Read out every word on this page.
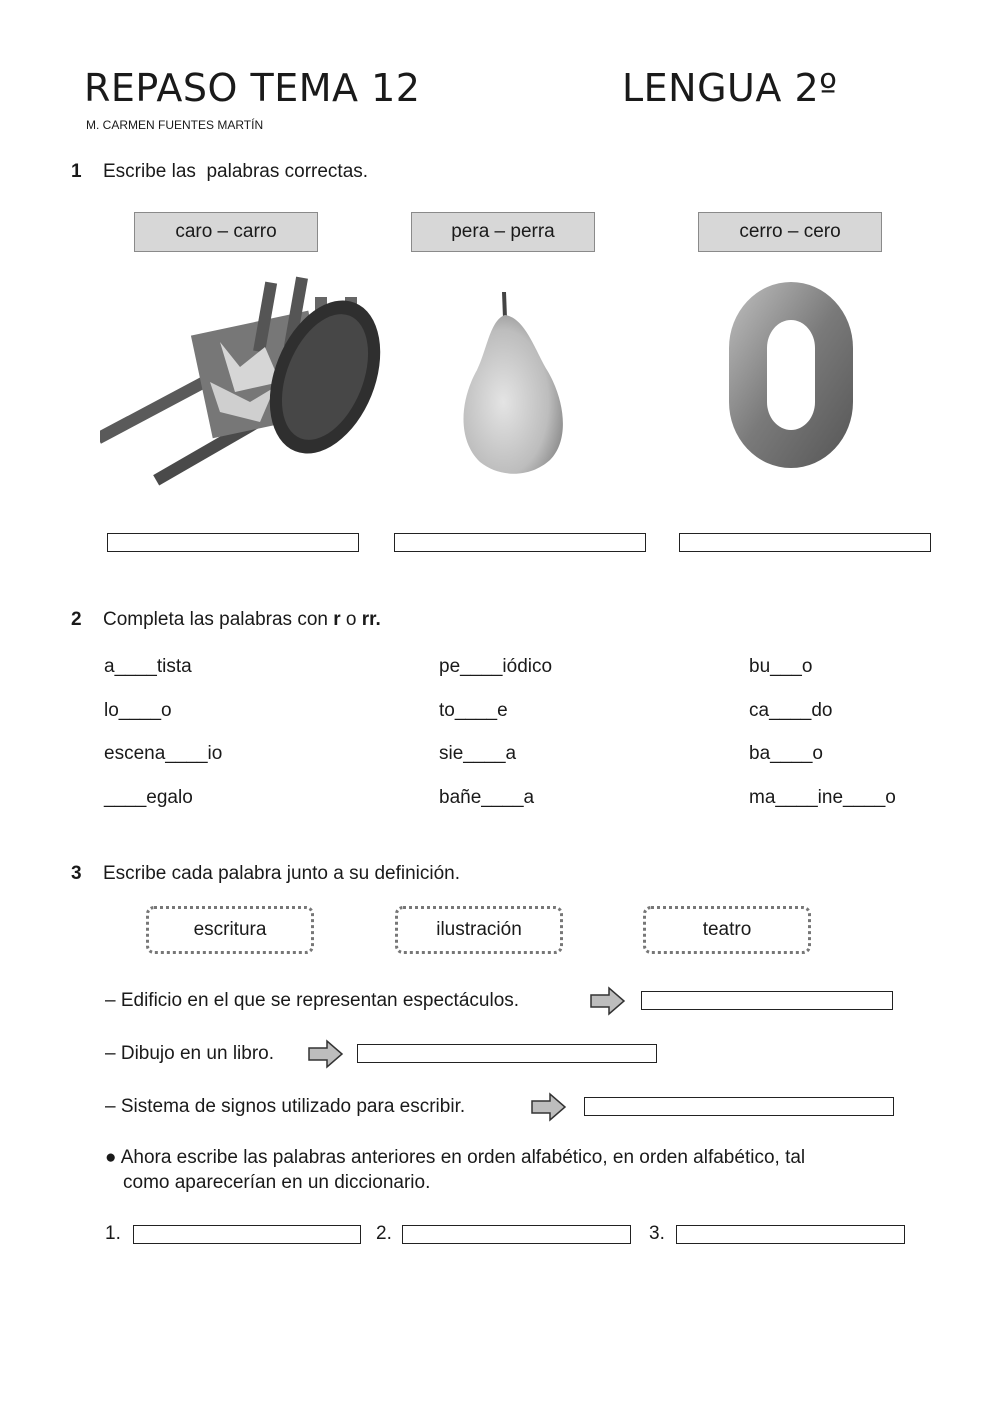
REPASO TEMA 12	LENGUA 2º
M. CARMEN FUENTES MARTÍN
1 Escribe las  palabras correctas.
caro – carro	pera – perra	cerro – cero
2 Completa las palabras con r o rr.
a____tista
lo____o
escena____io
____egalo
pe____iódico
to____e
sie____a
bañe____a
bu___o
ca____do
ba____o
ma____ine____o
3 Escribe cada palabra junto a su definición.
escritura	ilustración	teatro
– Edificio en el que se representan espectáculos.
– Dibujo en un libro.
– Sistema de signos utilizado para escribir.
● Ahora escribe las palabras anteriores en orden alfabético, en orden alfabético, tal
como aparecerían en un diccionario.
1.	2.	3.
